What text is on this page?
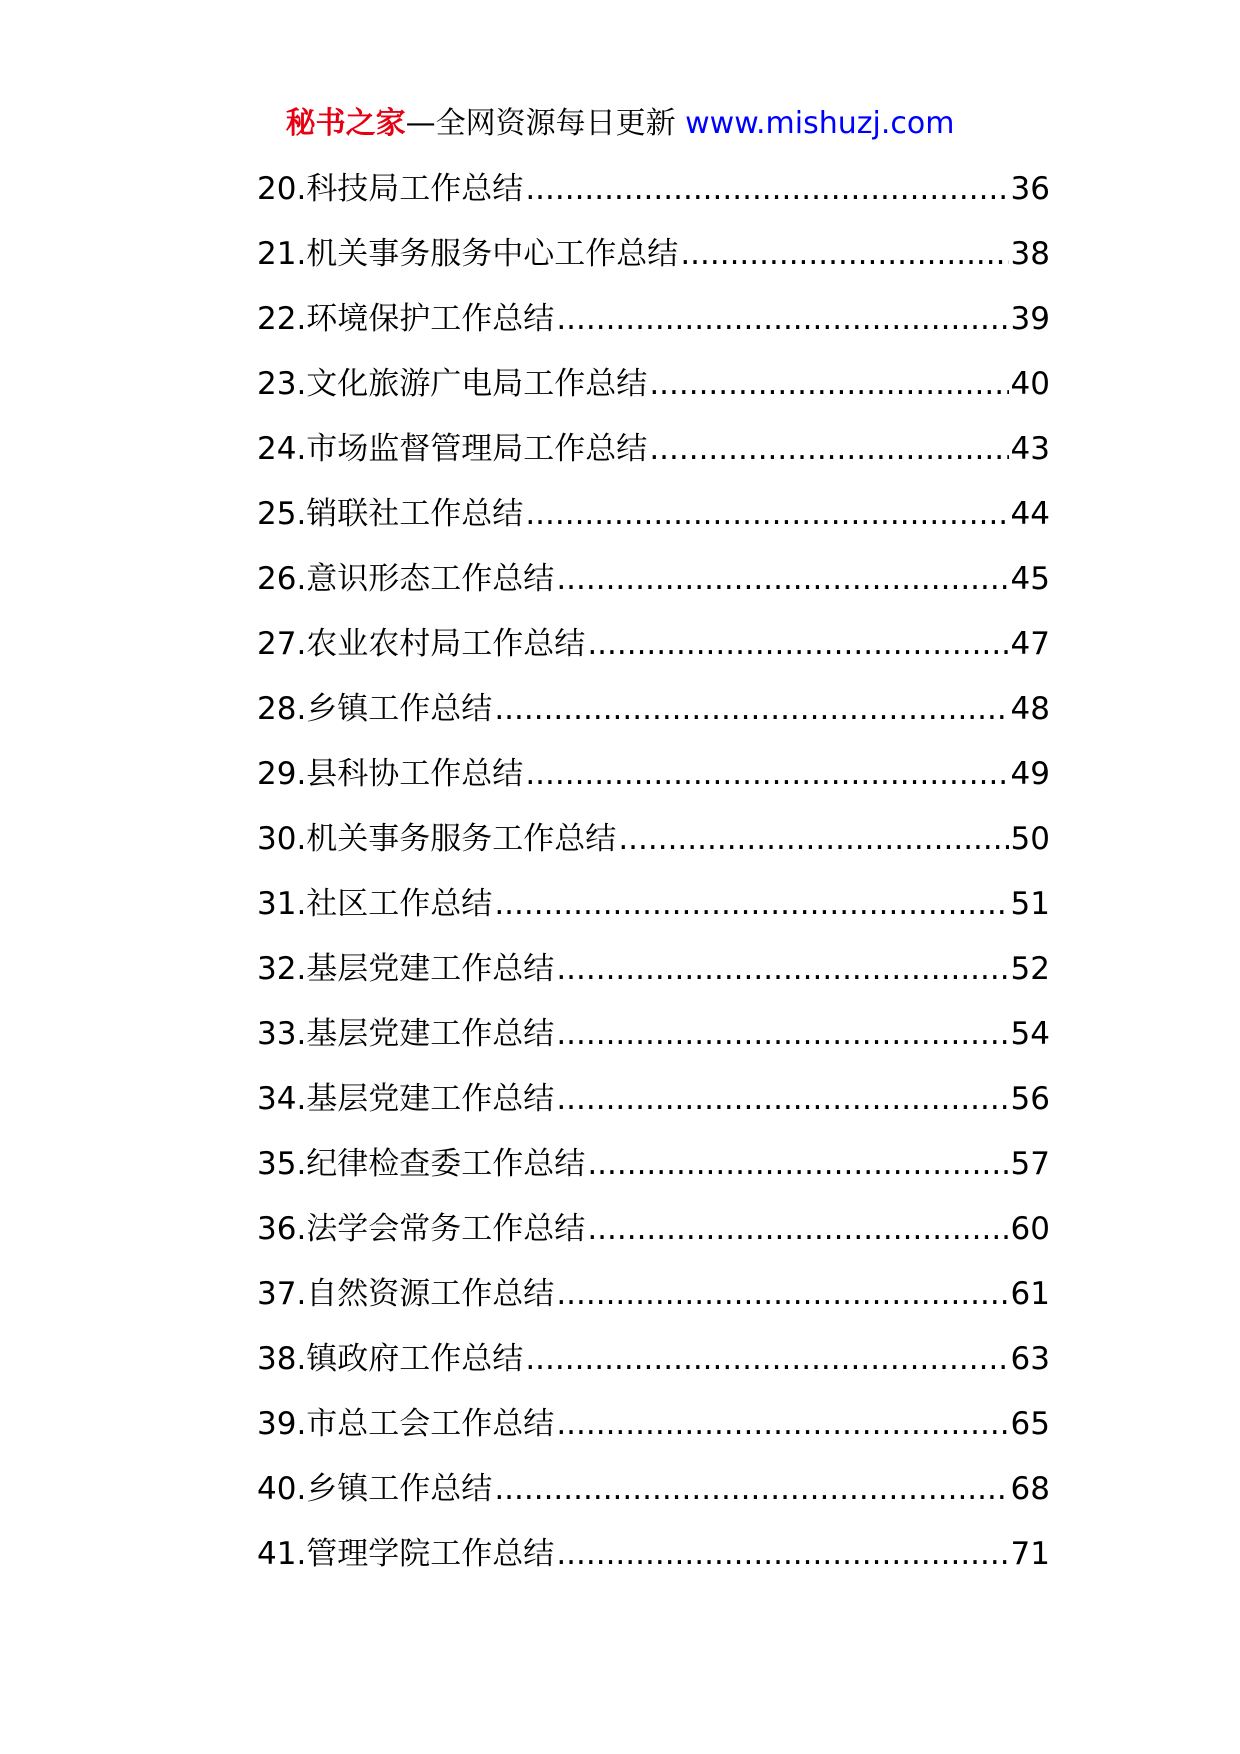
秘书之家—全网资源每日更新 www.mishuzj.com
20.科技局工作总结 .....	36
21.机关事务服务中心工作总结 .....	38
22.环境保护工作总结 .....	39
23.文化旅游广电局工作总结 .....	40
24.市场监督管理局工作总结 .....	43
25.销联社工作总结 .....	44
26.意识形态工作总结 .....	45
27.农业农村局工作总结 .....	47
28.乡镇工作总结 .....	48
29.县科协工作总结 .....	49
30.机关事务服务工作总结 .....	50
31.社区工作总结 .....	51
32.基层党建工作总结 .....	52
33.基层党建工作总结 .....	54
34.基层党建工作总结 .....	56
35.纪律检查委工作总结 .....	57
36.法学会常务工作总结 .....	60
37.自然资源工作总结 .....	61
38.镇政府工作总结 .....	63
39.市总工会工作总结 .....	65
40.乡镇工作总结 .....	68
41.管理学院工作总结 .....	71
